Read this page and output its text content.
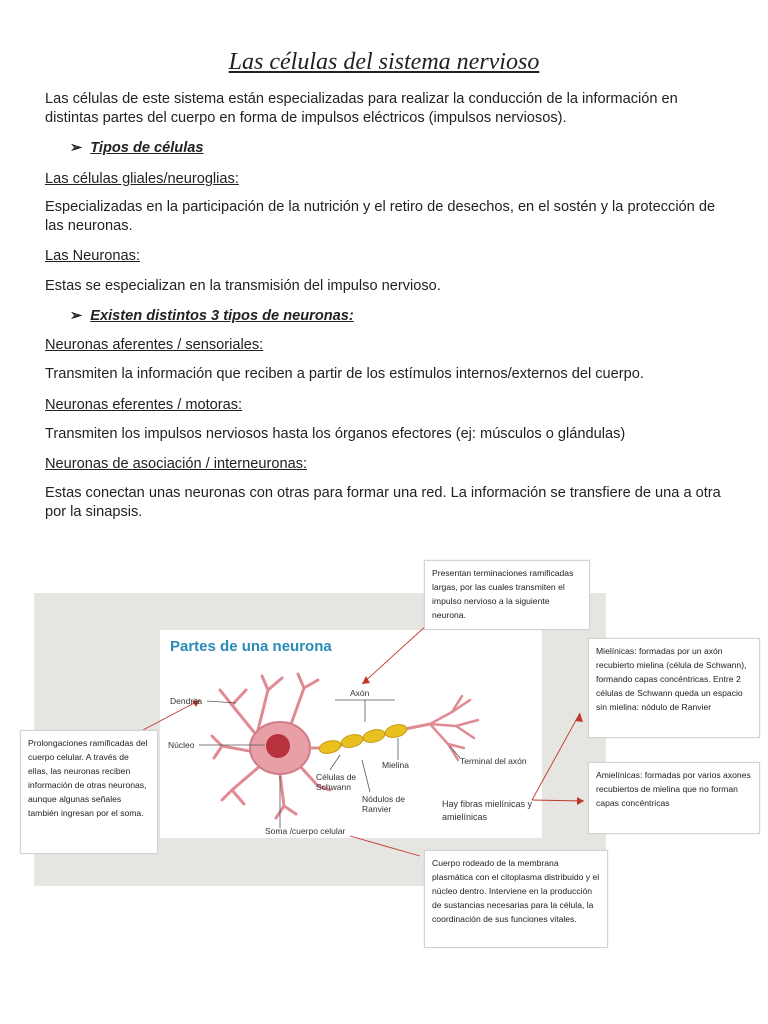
Las células del sistema nervioso

Las células de este sistema están especializadas para realizar la conducción de la información en distintas partes del cuerpo en forma de impulsos eléctricos (impulsos nerviosos).

➢ Tipos de células

Las células gliales/neuroglias:

Especializadas en la participación de la nutrición y el retiro de desechos, en el sostén y la protección de las neuronas.

Las Neuronas:

Estas se especializan en la transmisión del impulso nervioso.

➢ Existen distintos 3 tipos de neuronas:

Neuronas aferentes / sensoriales:

Transmiten la información que reciben a partir de los estímulos internos/externos del cuerpo.

Neuronas eferentes / motoras:

Transmiten los impulsos nerviosos hasta los órganos efectores (ej: músculos o glándulas)

Neuronas de asociación / interneuronas:

Estas conectan unas neuronas con otras para formar una red. La información se transfiere de una a otra por la sinapsis.

Partes de una neurona
Dendrita
Axón
Núcleo
Células de Schwann
Mielina	Terminal del axón
Nódulos de Ranvier
Soma /cuerpo celular
Hay fibras mielínicas y amielínicas
Presentan terminaciones ramificadas largas, por las cuales transmiten el impulso nervioso a la siguiente neurona.
Prolongaciones ramificadas del cuerpo celular. A través de ellas, las neuronas reciben información de otras neuronas, aunque algunas señales también ingresan por el soma.
Mielínicas: formadas por un axón recubierto mielina (célula de Schwann), formando capas concéntricas. Entre 2 células de Schwann queda un espacio sin mielina: nódulo de Ranvier
Amielínicas: formadas por varios axones recubiertos de mielina que no forman capas concéntricas
Cuerpo rodeado de la membrana plasmática con el citoplasma distribuido y el núcleo dentro. Interviene en la producción de sustancias necesarias para la célula, la coordinación de sus funciones vitales.
